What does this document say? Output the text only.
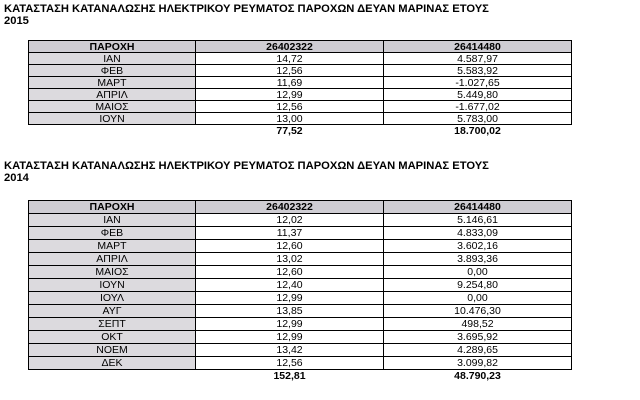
ΚΑΤΑΣΤΑΣΗ ΚΑΤΑΝΑΛΩΣΗΣ ΗΛΕΚΤΡΙΚΟΥ ΡΕΥΜΑΤΟΣ ΠΑΡΟΧΩΝ ΔΕΥΑΝ ΜΑΡΙΝΑΣ ΕΤΟΥΣ
2015
ΠΑΡΟΧΗ	26402322	26414480
ΙΑΝ	14,72	4.587,97
ΦΕΒ	12,56	5.583,92
ΜΑΡΤ	11,69	-1.027,65
ΑΠΡΙΛ	12,99	5.449,80
ΜΑΙΟΣ	12,56	-1.677,02
ΙΟΥΝ	13,00	5.783,00
	77,52	18.700,02
ΚΑΤΑΣΤΑΣΗ ΚΑΤΑΝΑΛΩΣΗΣ ΗΛΕΚΤΡΙΚΟΥ ΡΕΥΜΑΤΟΣ ΠΑΡΟΧΩΝ ΔΕΥΑΝ ΜΑΡΙΝΑΣ ΕΤΟΥΣ
2014
ΠΑΡΟΧΗ	26402322	26414480
ΙΑΝ	12,02	5.146,61
ΦΕΒ	11,37	4.833,09
ΜΑΡΤ	12,60	3.602,16
ΑΠΡΙΛ	13,02	3.893,36
ΜΑΙΟΣ	12,60	0,00
ΙΟΥΝ	12,40	9.254,80
ΙΟΥΛ	12,99	0,00
ΑΥΓ	13,85	10.476,30
ΣΕΠΤ	12,99	498,52
ΟΚΤ	12,99	3.695,92
ΝΟΕΜ	13,42	4.289,65
ΔΕΚ	12,56	3.099,82
	152,81	48.790,23
